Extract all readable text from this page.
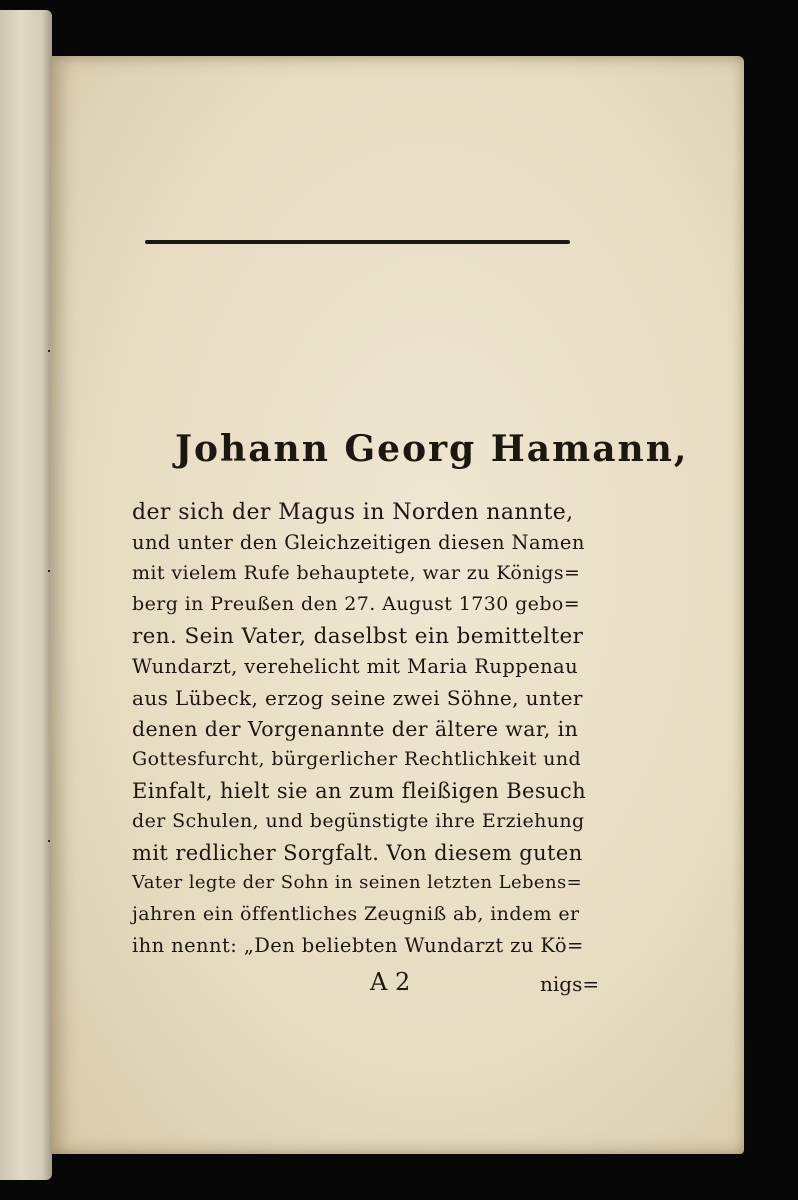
Johann Georg Hamann,
der sich der Magus in Norden nannte,
und unter den Gleichzeitigen diesen Namen
mit vielem Rufe behauptete, war zu Königs=
berg in Preußen den 27. August 1730 gebo=
ren. Sein Vater, daselbst ein bemittelter
Wundarzt, verehelicht mit Maria Ruppenau
aus Lübeck, erzog seine zwei Söhne, unter
denen der Vorgenannte der ältere war, in
Gottesfurcht, bürgerlicher Rechtlichkeit und
Einfalt, hielt sie an zum fleißigen Besuch
der Schulen, und begünstigte ihre Erziehung
mit redlicher Sorgfalt. Von diesem guten
Vater legte der Sohn in seinen letzten Lebens=
jahren ein öffentliches Zeugniß ab, indem er
ihn nennt: „Den beliebten Wundarzt zu Kö=
A 2	nigs=
